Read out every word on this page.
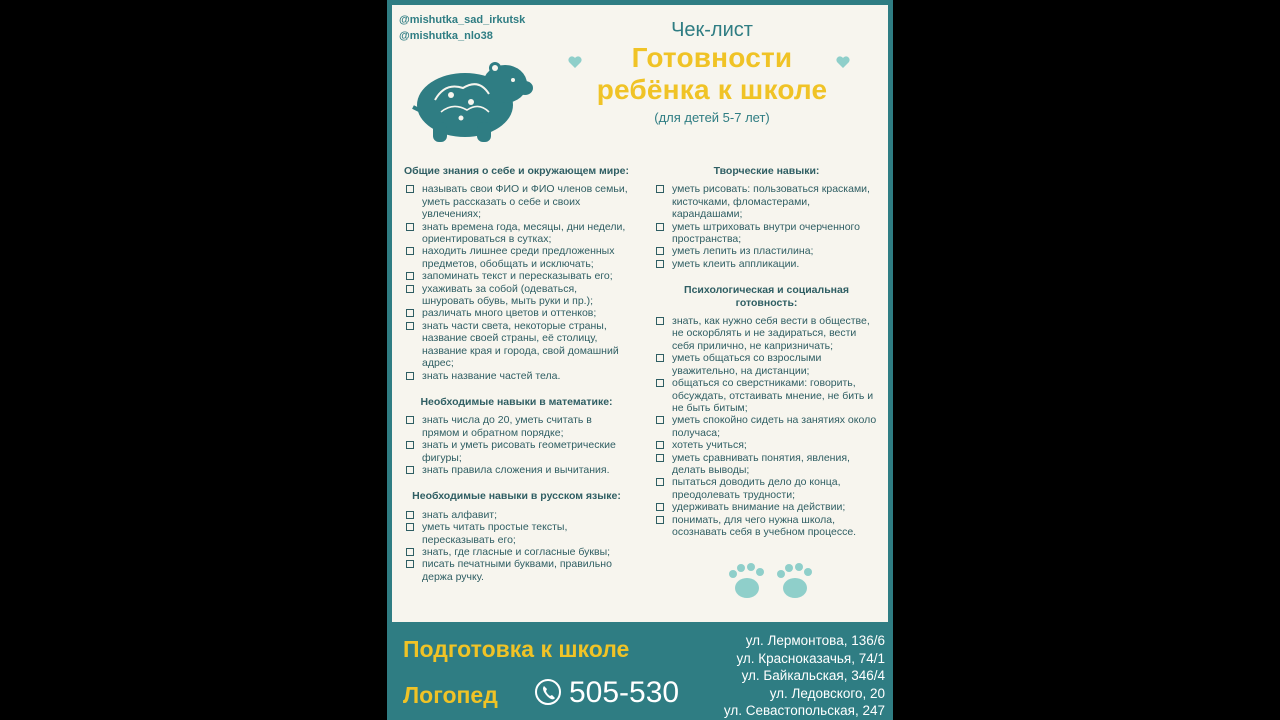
@mishutka_sad_irkutsk
@mishutka_nlo38	Чек-лист
Готовности
ребёнка к школе
(для детей 5-7 лет)
Общие знания о себе и окружающем мире:
называть свои ФИО и ФИО членов семьи, уметь рассказать о себе и своих увлечениях;
знать времена года, месяцы, дни недели, ориентироваться в сутках;
находить лишнее среди предложенных предметов, обобщать и исключать;
запоминать текст и пересказывать его;
ухаживать за собой (одеваться, шнуровать обувь, мыть руки и пр.);
различать много цветов и оттенков;
знать части света, некоторые страны, название своей страны, её столицу, название края и города, свой домашний адрес;
знать название частей тела.
Необходимые навыки в математике:
знать числа до 20, уметь считать в прямом и обратном порядке;
знать и уметь рисовать геометрические фигуры;
знать правила сложения и вычитания.
Необходимые навыки в русском языке:
знать алфавит;
уметь читать простые тексты, пересказывать его;
знать, где гласные и согласные буквы;
писать печатными буквами, правильно держа ручку.
Творческие навыки:
уметь рисовать: пользоваться красками, кисточками, фломастерами, карандашами;
уметь штриховать внутри очерченного пространства;
уметь лепить из пластилина;
уметь клеить аппликации.
Психологическая и социальная готовность:
знать, как нужно себя вести в обществе, не оскорблять и не задираться, вести себя прилично, не капризничать;
уметь общаться со взрослыми уважительно, на дистанции;
общаться со сверстниками: говорить, обсуждать, отстаивать мнение, не бить и не быть битым;
уметь спокойно сидеть на занятиях около получаса;
хотеть учиться;
уметь сравнивать понятия, явления, делать выводы;
пытаться доводить дело до конца, преодолевать трудности;
удерживать внимание на действии;
понимать, для чего нужна школа, осознавать себя в учебном процессе.
Подготовка к школе
Логопед 505-530
ул. Лермонтова, 136/6
ул. Красноказачья, 74/1
ул. Байкальская, 346/4
ул. Ледовского, 20
ул. Севастопольская, 247
